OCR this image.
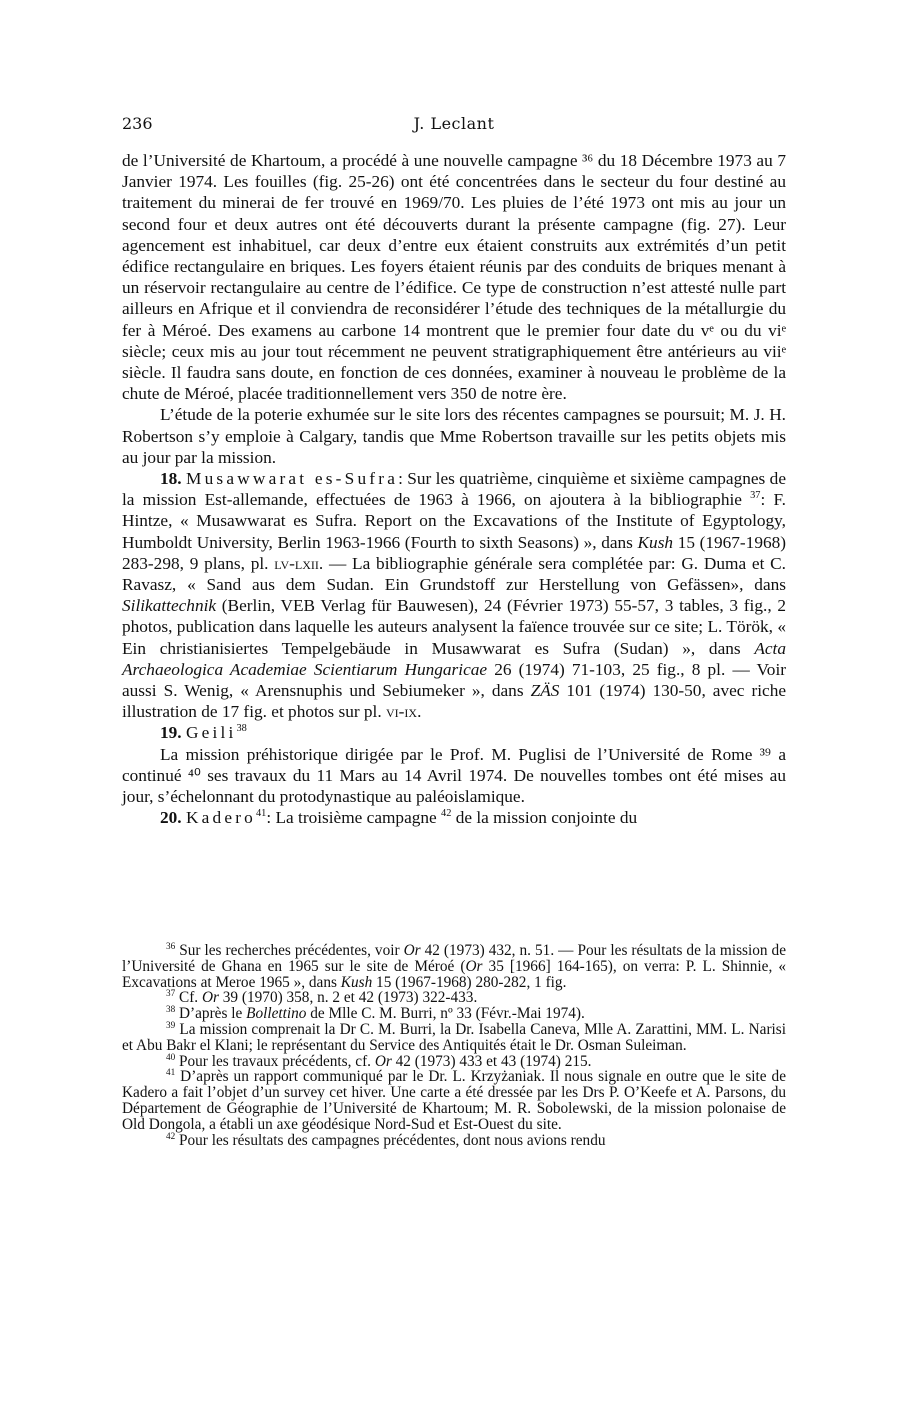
236	J. Leclant

de l’Université de Khartoum, a procédé à une nouvelle campagne ³⁶ du 18 Décembre 1973 au 7 Janvier 1974. Les fouilles (fig. 25-26) ont été concentrées dans le secteur du four destiné au traitement du minerai de fer trouvé en 1969/70. Les pluies de l’été 1973 ont mis au jour un second four et deux autres ont été découverts durant la présente campagne (fig. 27). Leur agencement est inhabituel, car deux d’entre eux étaient construits aux extrémités d’un petit édifice rectangulaire en briques. Les foyers étaient réunis par des conduits de briques menant à un réservoir rectangulaire au centre de l’édifice. Ce type de construction n’est attesté nulle part ailleurs en Afrique et il conviendra de reconsidérer l’étude des techniques de la métallurgie du fer à Méroé. Des examens au carbone 14 montrent que le premier four date du vᵉ ou du viᵉ siècle; ceux mis au jour tout récemment ne peuvent stratigraphiquement être antérieurs au viiᵉ siècle. Il faudra sans doute, en fonction de ces données, examiner à nouveau le problème de la chute de Méroé, placée traditionnellement vers 350 de notre ère.

L’étude de la poterie exhumée sur le site lors des récentes campagnes se poursuit; M. J. H. Robertson s’y emploie à Calgary, tandis que Mme Robertson travaille sur les petits objets mis au jour par la mission.

18. Musawwarat es-Sufra: Sur les quatrième, cinquième et sixième campagnes de la mission Est-allemande, effectuées de 1963 à 1966, on ajoutera à la bibliographie $^{37}$: F. Hintze, « Musawwarat es Sufra. Report on the Excavations of the Institute of Egyptology, Humboldt University, Berlin 1963-1966 (Fourth to sixth Seasons) », dans Kush 15 (1967-1968) 283-298, 9 plans, pl. lv-lxii. — La bibliographie générale sera complétée par: G. Duma et C. Ravasz, « Sand aus dem Sudan. Ein Grundstoff zur Herstellung von Gefässen», dans Silikattechnik (Berlin, VEB Verlag für Bauwesen), 24 (Février 1973) 55-57, 3 tables, 3 fig., 2 photos, publication dans laquelle les auteurs analysent la faïence trouvée sur ce site; L. Török, « Ein christianisiertes Tempelgebäude in Musawwarat es Sufra (Sudan) », dans Acta Archaeologica Academiae Scientiarum Hungaricae 26 (1974) 71-103, 25 fig., 8 pl. — Voir aussi S. Wenig, « Arensnuphis und Sebiumeker », dans ZÄS 101 (1974) 130-50, avec riche illustration de 17 fig. et photos sur pl. vi-ix.

19. Geili$^{38}$

La mission préhistorique dirigée par le Prof. M. Puglisi de l’Université de Rome ³⁹ a continué ⁴⁰ ses travaux du 11 Mars au 14 Avril 1974. De nouvelles tombes ont été mises au jour, s’échelonnant du protodynastique au paléoislamique.

20. Kadero$^{41}$: La troisième campagne $^{42}$ de la mission conjointe du

$^{36}$ Sur les recherches précédentes, voir Or 42 (1973) 432, n. 51. — Pour les résultats de la mission de l’Université de Ghana en 1965 sur le site de Méroé (Or 35 [1966] 164-165), on verra: P. L. Shinnie, « Excavations at Meroe 1965 », dans Kush 15 (1967-1968) 280-282, 1 fig.

$^{37}$ Cf. Or 39 (1970) 358, n. 2 et 42 (1973) 322-433.

$^{38}$ D’après le Bollettino de Mlle C. M. Burri, nº 33 (Févr.-Mai 1974).

$^{39}$ La mission comprenait la Dr C. M. Burri, la Dr. Isabella Caneva, Mlle A. Zarattini, MM. L. Narisi et Abu Bakr el Klani; le représentant du Service des Antiquités était le Dr. Osman Suleiman.

$^{40}$ Pour les travaux précédents, cf. Or 42 (1973) 433 et 43 (1974) 215.

$^{41}$ D’après un rapport communiqué par le Dr. L. Krzyżaniak. Il nous signale en outre que le site de Kadero a fait l’objet d’un survey cet hiver. Une carte a été dressée par les Drs P. O’Keefe et A. Parsons, du Département de Géographie de l’Université de Khartoum; M. R. Sobolewski, de la mission polonaise de Old Dongola, a établi un axe géodésique Nord-Sud et Est-Ouest du site.

$^{42}$ Pour les résultats des campagnes précédentes, dont nous avions rendu
